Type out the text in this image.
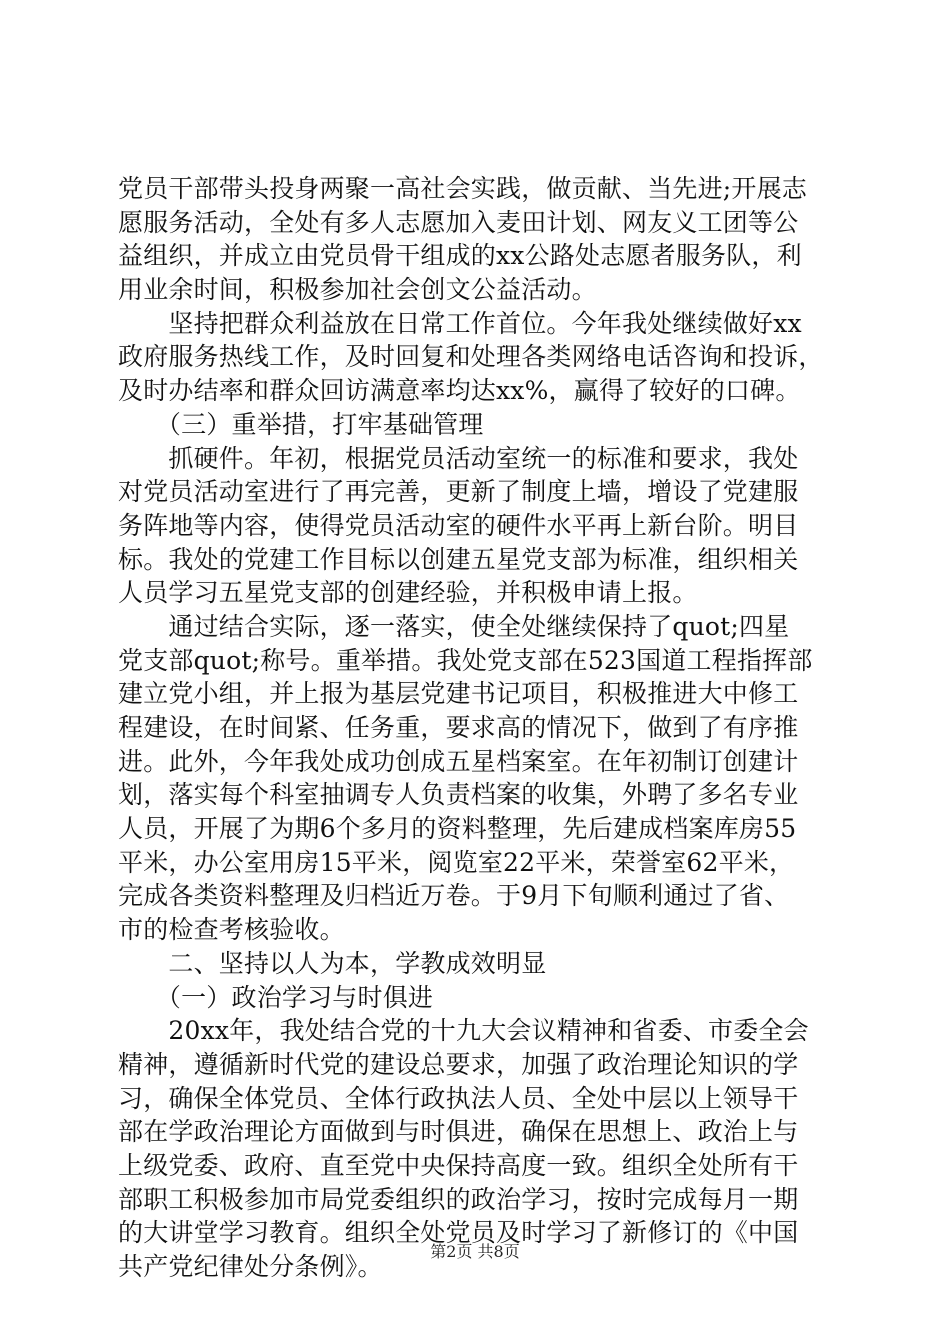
党员干部带头投身两聚一高社会实践，做贡献、当先进;开展志
愿服务活动，全处有多人志愿加入麦田计划、网友义工团等公
益组织，并成立由党员骨干组成的xx公路处志愿者服务队，利
用业余时间，积极参加社会创文公益活动。
　　坚持把群众利益放在日常工作首位。今年我处继续做好xx
政府服务热线工作，及时回复和处理各类网络电话咨询和投诉，
及时办结率和群众回访满意率均达xx%，赢得了较好的口碑。
　　（三）重举措，打牢基础管理
　　抓硬件。年初，根据党员活动室统一的标准和要求，我处
对党员活动室进行了再完善，更新了制度上墙，增设了党建服
务阵地等内容，使得党员活动室的硬件水平再上新台阶。明目
标。我处的党建工作目标以创建五星党支部为标准，组织相关
人员学习五星党支部的创建经验，并积极申请上报。
　　通过结合实际，逐一落实，使全处继续保持了quot;四星
党支部quot;称号。重举措。我处党支部在523国道工程指挥部
建立党小组，并上报为基层党建书记项目，积极推进大中修工
程建设，在时间紧、任务重，要求高的情况下，做到了有序推
进。此外，今年我处成功创成五星档案室。在年初制订创建计
划，落实每个科室抽调专人负责档案的收集，外聘了多名专业
人员，开展了为期6个多月的资料整理，先后建成档案库房55
平米，办公室用房15平米，阅览室22平米，荣誉室62平米，
完成各类资料整理及归档近万卷。于9月下旬顺利通过了省、
市的检查考核验收。
　　二、坚持以人为本，学教成效明显
　　（一）政治学习与时俱进
　　20xx年，我处结合党的十九大会议精神和省委、市委全会
精神，遵循新时代党的建设总要求，加强了政治理论知识的学
习，确保全体党员、全体行政执法人员、全处中层以上领导干
部在学政治理论方面做到与时俱进，确保在思想上、政治上与
上级党委、政府、直至党中央保持高度一致。组织全处所有干
部职工积极参加市局党委组织的政治学习，按时完成每月一期
的大讲堂学习教育。组织全处党员及时学习了新修订的《中国
共产党纪律处分条例》。
第2页 共8页
